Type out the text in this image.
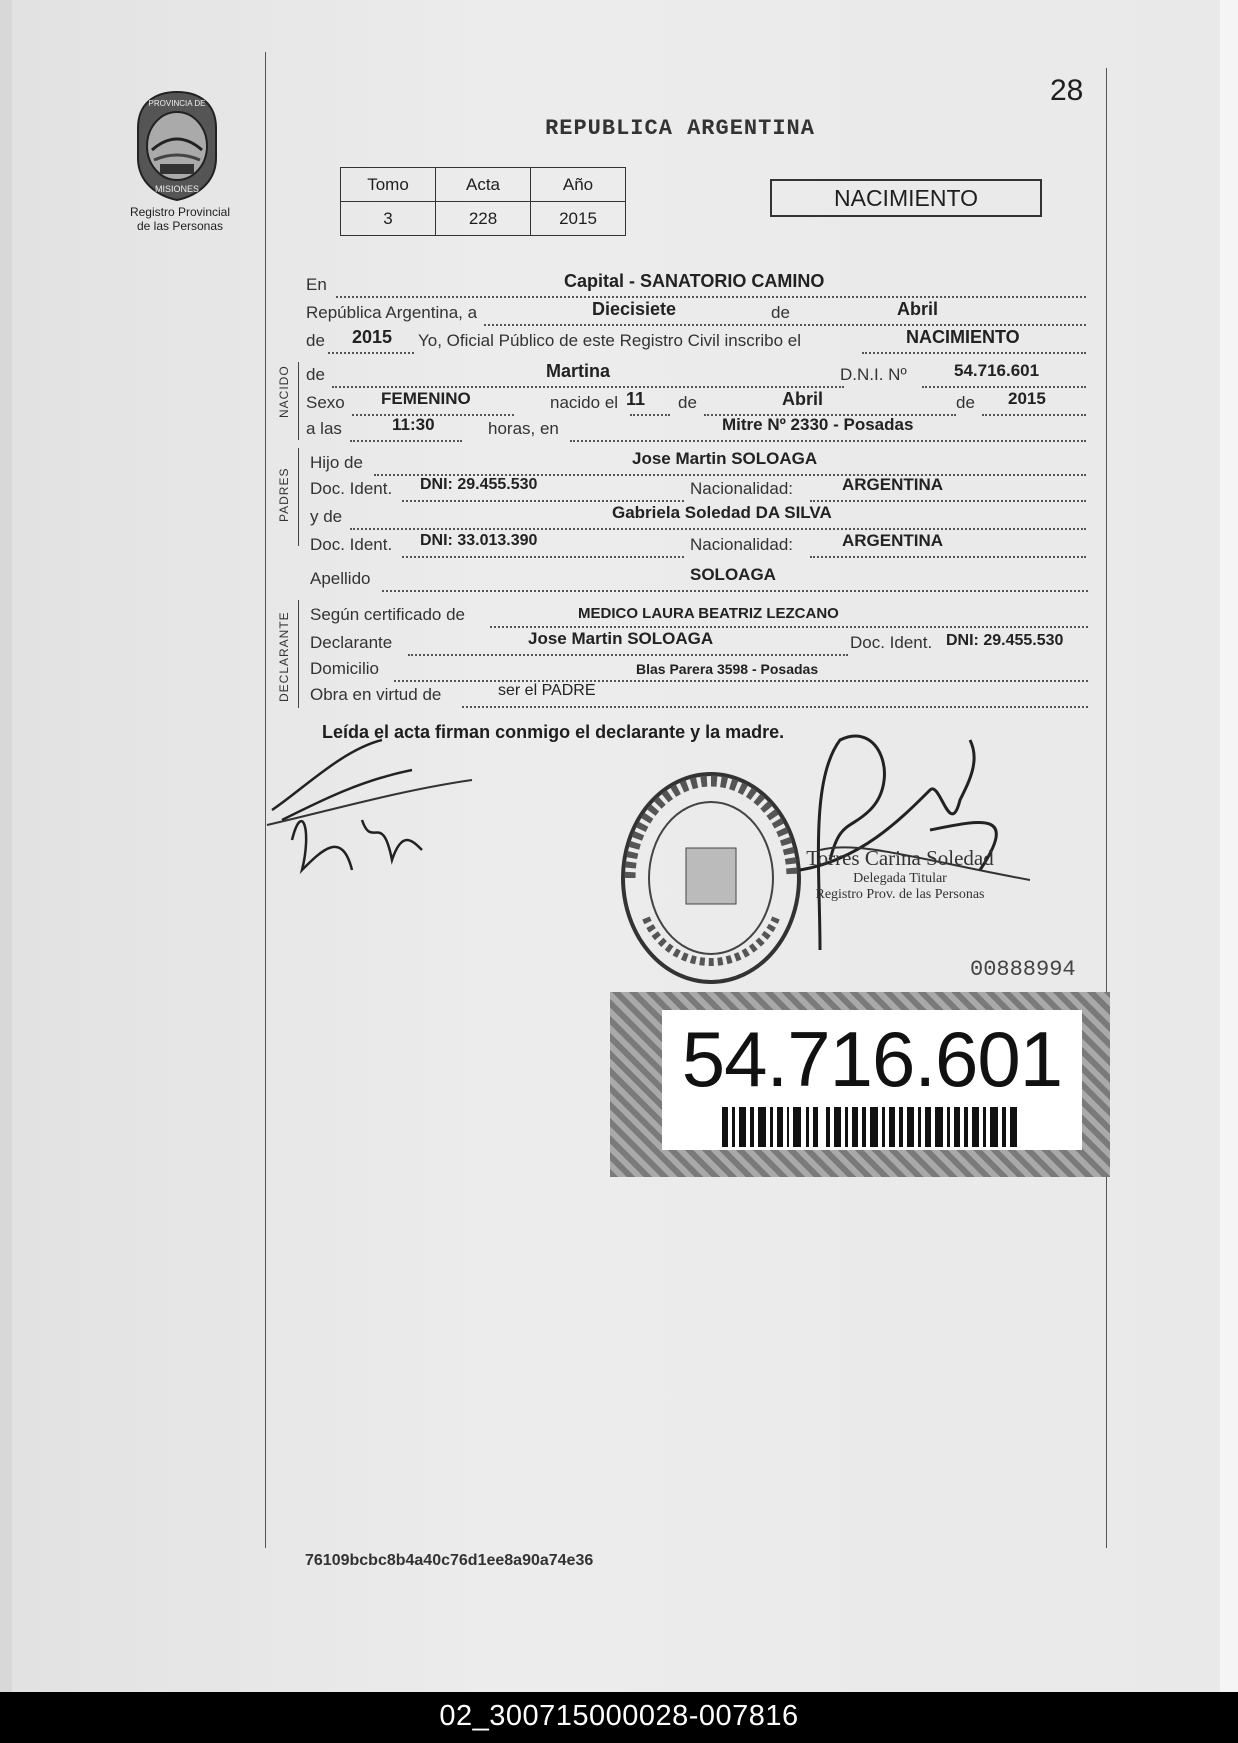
PROVINCIA DE
MISIONES
Registro Provincial
de las Personas
28
REPUBLICA ARGENTINA
Tomo	Acta	Año
3	228	2015
NACIMIENTO
NACIDO
PADRES
DECLARANTE
En	Capital - SANATORIO CAMINO
República Argentina, a	Diecisiete	de	Abril
de 2015 Yo, Oficial Público de este Registro Civil inscribo el	NACIMIENTO
de	Martina	D.N.I. Nº	54.716.601
Sexo FEMENINO	nacido el 11 de	Abril	de 2015
a las	11:30	horas, en	Mitre Nº 2330 - Posadas
Hijo de	Jose Martin SOLOAGA
Doc. Ident. DNI: 29.455.530	Nacionalidad:	ARGENTINA
y de	Gabriela Soledad DA SILVA
Doc. Ident. DNI: 33.013.390	Nacionalidad:	ARGENTINA
Apellido	SOLOAGA
Según certificado de	MEDICO LAURA BEATRIZ LEZCANO
Declarante	Jose Martin SOLOAGA	Doc. Ident. DNI: 29.455.530
Domicilio	Blas Parera 3598 - Posadas
Obra en virtud de	ser el PADRE
Leída el acta firman conmigo el declarante y la madre.
Torres Carina Soledad
Delegada Titular
Registro Prov. de las Personas
00888994
54.716.601
76109bcbc8b4a40c76d1ee8a90a74e36
02_300715000028-007816
